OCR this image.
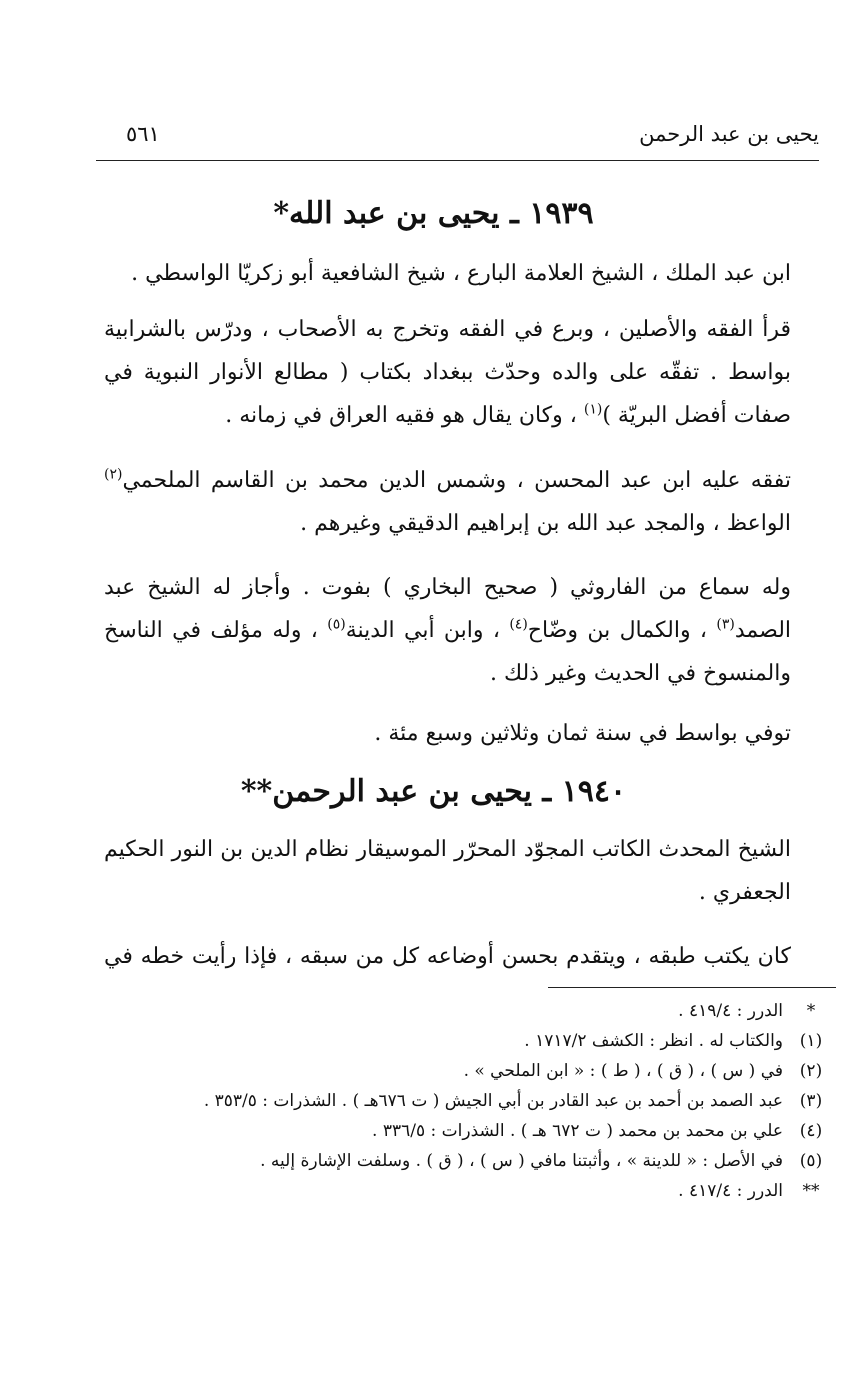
يحيى بن عبد الرحمن
٥٦١
١٩٣٩ ـ يحيى بن عبد الله*

ابن عبد الملك ، الشيخ العلامة البارع ، شيخ الشافعية أبو زكريّا الواسطي .

قرأ الفقه والأصلين ، وبرع في الفقه وتخرج به الأصحاب ، ودرّس بالشرابية بواسط . تفقّه على والده وحدّث ببغداد بكتاب ( مطالع الأنوار النبوية في صفات أفضل البريّة )$^{(١)}$ ، وكان يقال هو فقيه العراق في زمانه .

تفقه عليه ابن عبد المحسن ، وشمس الدين محمد بن القاسم الملحمي$^{(٢)}$ الواعظ ، والمجد عبد الله بن إبراهيم الدقيقي وغيرهم .

وله سماع من الفاروثي ( صحيح البخاري ) بفوت . وأجاز له الشيخ عبد الصمد$^{(٣)}$ ، والكمال بن وضّاح$^{(٤)}$ ، وابن أبي الدينة$^{(٥)}$ ، وله مؤلف في الناسخ والمنسوخ في الحديث وغير ذلك .

توفي بواسط في سنة ثمان وثلاثين وسبع مئة .

١٩٤٠ ـ يحيى بن عبد الرحمن**

الشيخ المحدث الكاتب المجوّد المحرّر الموسيقار نظام الدين بن النور الحكيم الجعفري .

كان يكتب طبقه ، ويتقدم بحسن أوضاعه كل من سبقه ، فإذا رأيت خطه في

*
الدرر : ٤١٩/٤ .
(١)
والكتاب له . انظر : الكشف ١٧١٧/٢ .
(٢)
في ( س ) ، ( ق ) ، ( ط ) : « ابن الملحي » .
(٣)
عبد الصمد بن أحمد بن عبد القادر بن أبي الجيش ( ت ٦٧٦هـ ) . الشذرات : ٣٥٣/٥ .
(٤)
علي بن محمد بن محمد ( ت ٦٧٢ هـ ) . الشذرات : ٣٣٦/٥ .
(٥)
في الأصل : « للدينة » ، وأثبتنا مافي ( س ) ، ( ق ) . وسلفت الإشارة إليه .
**
الدرر : ٤١٧/٤ .
